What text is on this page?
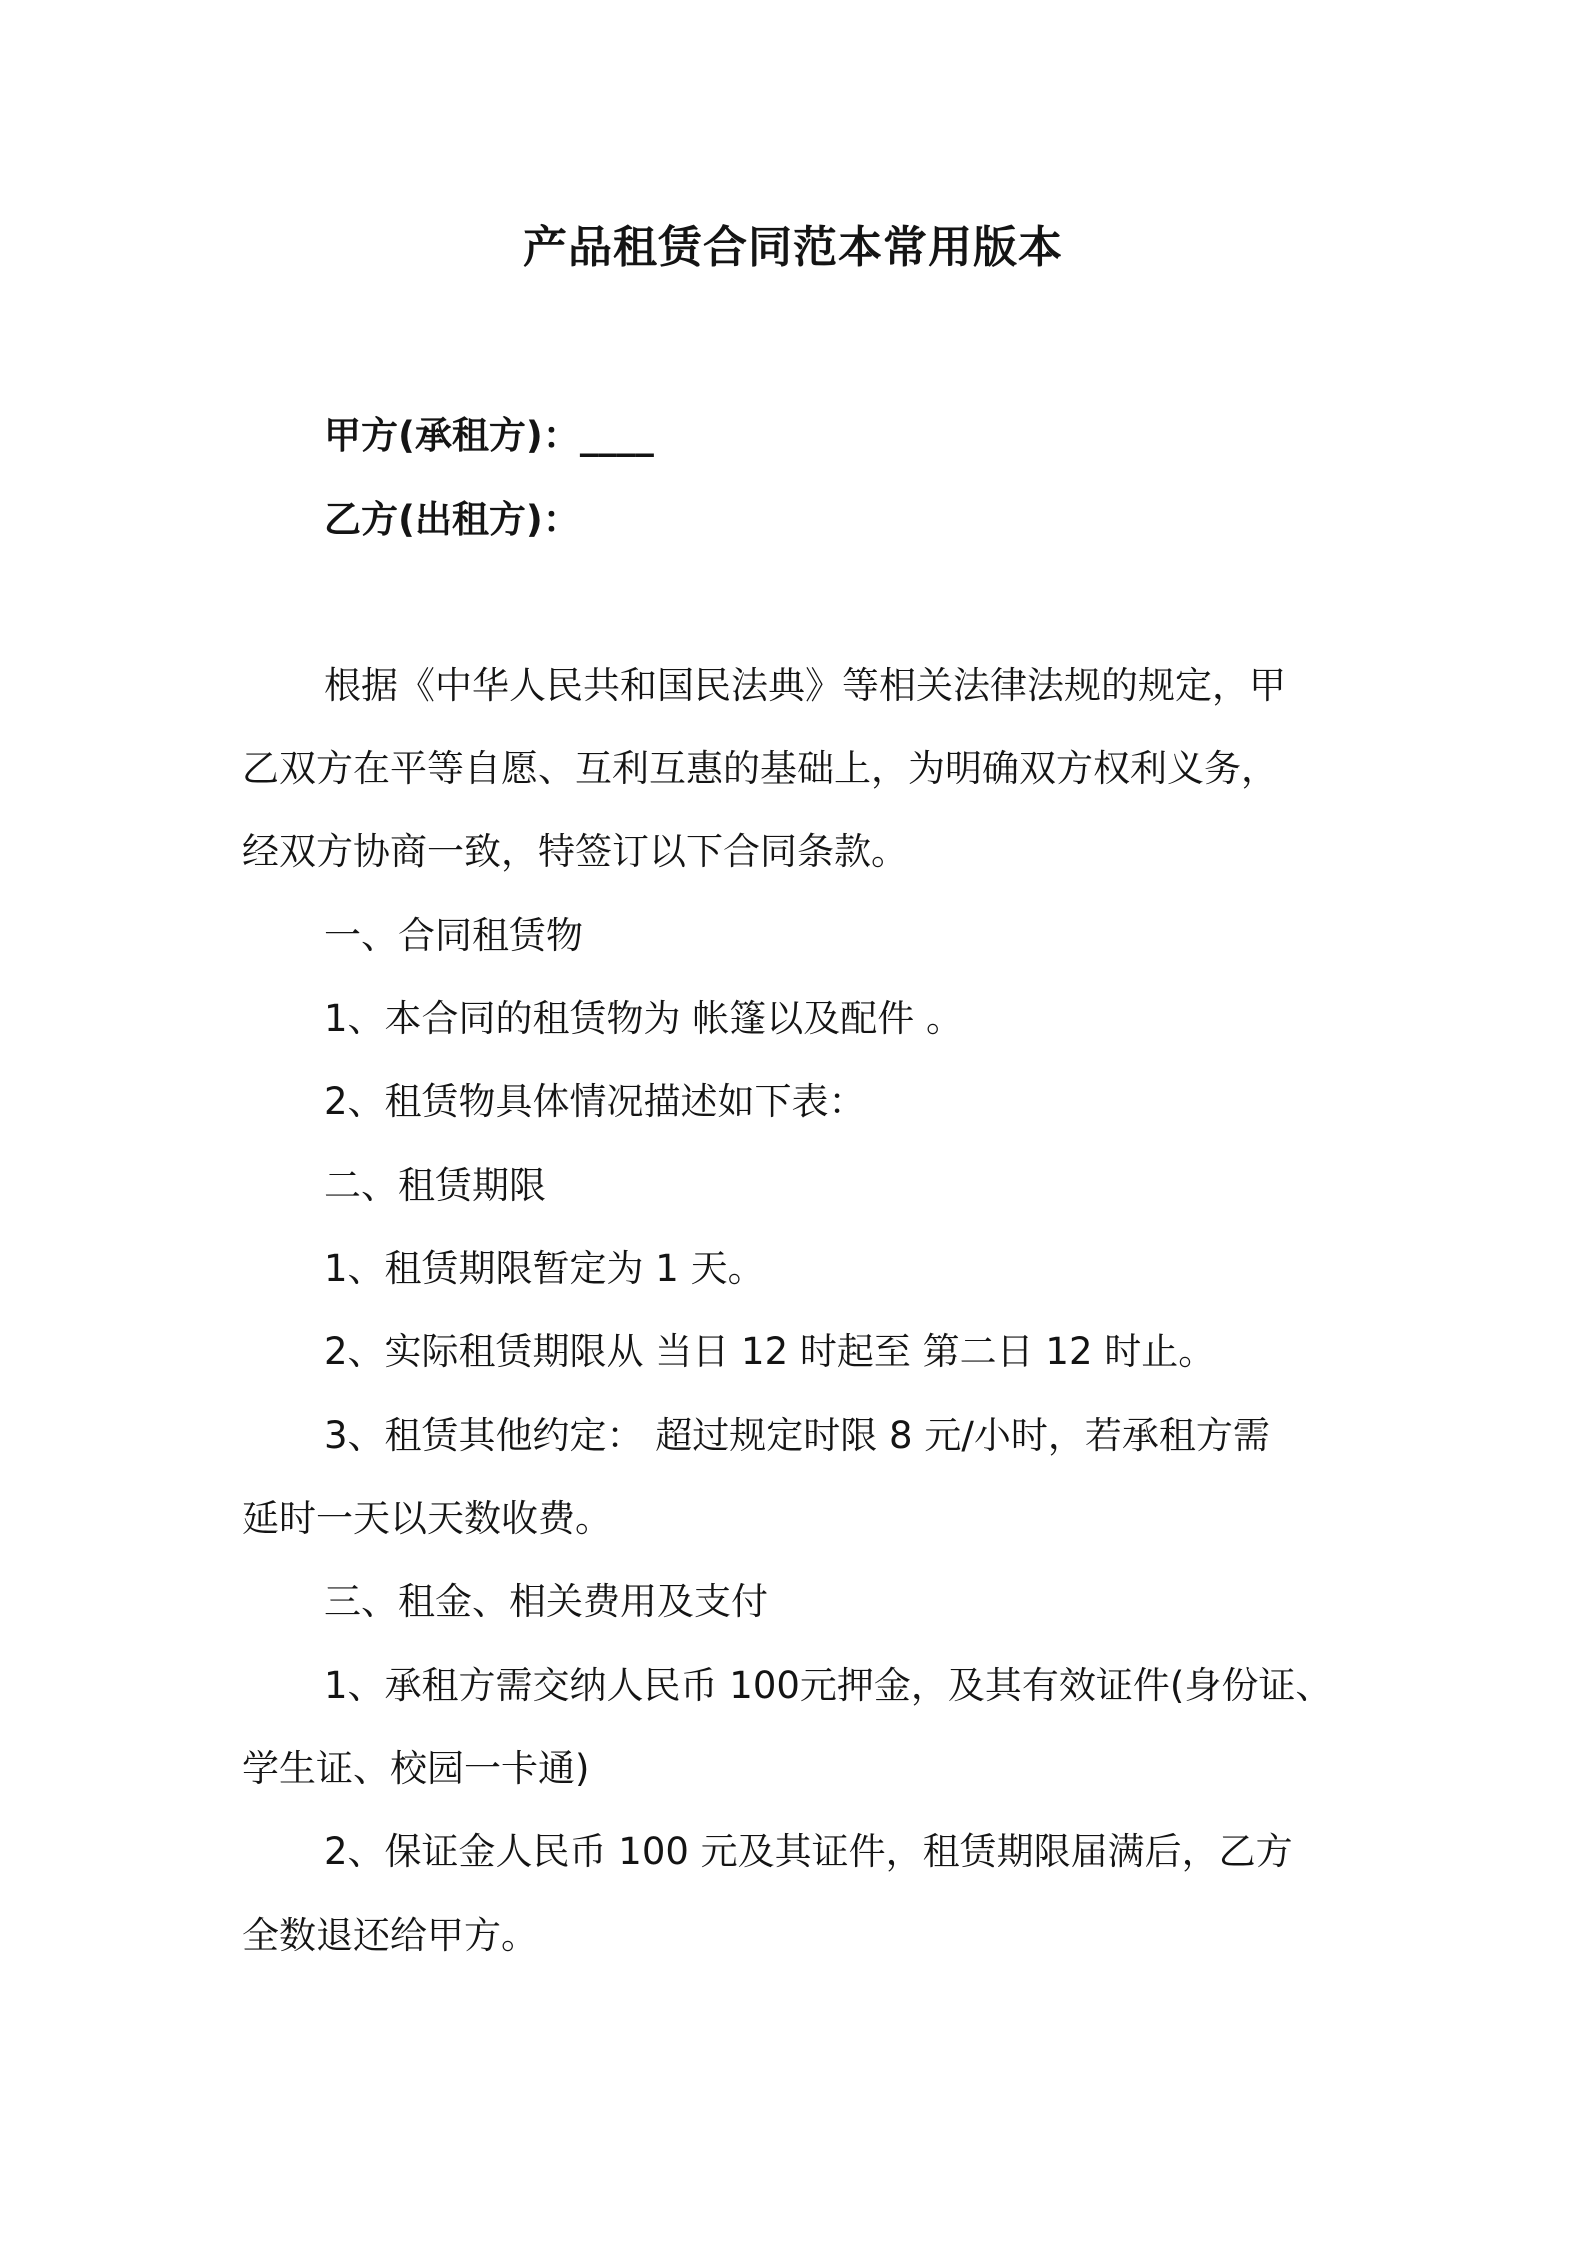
产品租赁合同范本常用版本
甲方(承租方)：____
乙方(出租方)：
根据《中华人民共和国民法典》等相关法律法规的规定，甲
乙双方在平等自愿、互利互惠的基础上，为明确双方权利义务，
经双方协商一致，特签订以下合同条款。
一、合同租赁物
1、本合同的租赁物为 帐篷以及配件 。
2、租赁物具体情况描述如下表：
二、租赁期限
1、租赁期限暂定为 1 天。
2、实际租赁期限从 当日 12 时起至 第二日 12 时止。
3、租赁其他约定： 超过规定时限 8 元/小时，若承租方需
延时一天以天数收费。
三、租金、相关费用及支付
1、承租方需交纳人民币 100元押金，及其有效证件(身份证、
学生证、校园一卡通)
2、保证金人民币 100 元及其证件，租赁期限届满后，乙方
全数退还给甲方。
